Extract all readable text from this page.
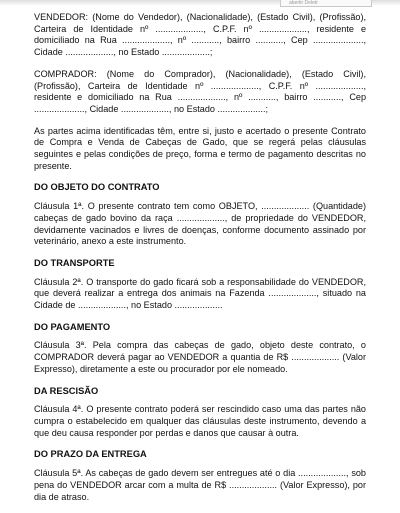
abertir Deletr

VENDEDOR: (Nome do Vendedor), (Nacionalidade), (Estado Civil), (Profissão), Carteira de Identidade nº ..................., C.P.F. nº ..................., residente e domiciliado na Rua ..................., nº ..........., bairro ..........., Cep ...................., Cidade ..................., no Estado ...................;

COMPRADOR: (Nome do Comprador), (Nacionalidade), (Estado Civil), (Profissão), Carteira de Identidade nº ..................., C.P.F. nº ..................., residente e domiciliado na Rua ..................., nº ..........., bairro ..........., Cep ...................., Cidade ..................., no Estado ...................;

As partes acima identificadas têm, entre si, justo e acertado o presente Contrato de Compra e Venda de Cabeças de Gado, que se regerá pelas cláusulas seguintes e pelas condições de preço, forma e termo de pagamento descritas no presente.

DO OBJETO DO CONTRATO

Cláusula 1ª. O presente contrato tem como OBJETO, ................... (Quantidade) cabeças de gado bovino da raça ..................., de propriedade do VENDEDOR, devidamente vacinados e livres de doenças, conforme documento assinado por veterinário, anexo a este instrumento.

DO TRANSPORTE

Cláusula 2ª. O transporte do gado ficará sob a responsabilidade do VENDEDOR, que deverá realizar a entrega dos animais na Fazenda ..................., situado na Cidade de ..................., no Estado ...................

DO PAGAMENTO

Cláusula 3ª. Pela compra das cabeças de gado, objeto deste contrato, o COMPRADOR deverá pagar ao VENDEDOR a quantia de R$ ................... (Valor Expresso), diretamente a este ou procurador por ele nomeado.

DA RESCISÃO

Cláusula 4ª. O presente contrato poderá ser rescindido caso uma das partes não cumpra o estabelecido em qualquer das cláusulas deste instrumento, devendo a que deu causa responder por perdas e danos que causar à outra.

DO PRAZO DA ENTREGA

Cláusula 5ª. As cabeças de gado devem ser entregues até o dia ..................., sob pena do VENDEDOR arcar com a multa de R$ ................... (Valor Expresso), por dia de atraso.
